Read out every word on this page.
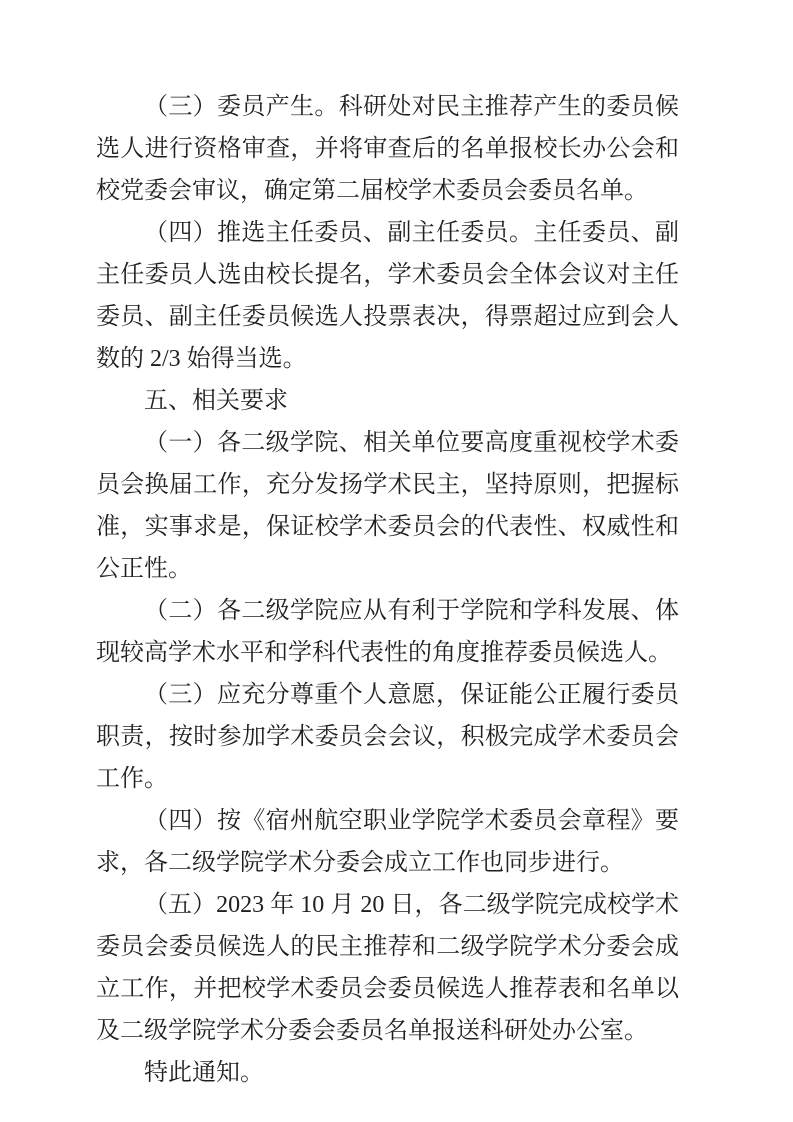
（三）委员产生。科研处对民主推荐产生的委员候选人进行资格审查，并将审查后的名单报校长办公会和校党委会审议，确定第二届校学术委员会委员名单。

（四）推选主任委员、副主任委员。主任委员、副主任委员人选由校长提名，学术委员会全体会议对主任委员、副主任委员候选人投票表决，得票超过应到会人数的 2/3 始得当选。

五、相关要求

（一）各二级学院、相关单位要高度重视校学术委员会换届工作，充分发扬学术民主，坚持原则，把握标准，实事求是，保证校学术委员会的代表性、权威性和公正性。

（二）各二级学院应从有利于学院和学科发展、体现较高学术水平和学科代表性的角度推荐委员候选人。

（三）应充分尊重个人意愿，保证能公正履行委员职责，按时参加学术委员会会议，积极完成学术委员会工作。

（四）按《宿州航空职业学院学术委员会章程》要求，各二级学院学术分委会成立工作也同步进行。

（五）2023 年 10 月 20 日，各二级学院完成校学术委员会委员候选人的民主推荐和二级学院学术分委会成立工作，并把校学术委员会委员候选人推荐表和名单以及二级学院学术分委会委员名单报送科研处办公室。

特此通知。
